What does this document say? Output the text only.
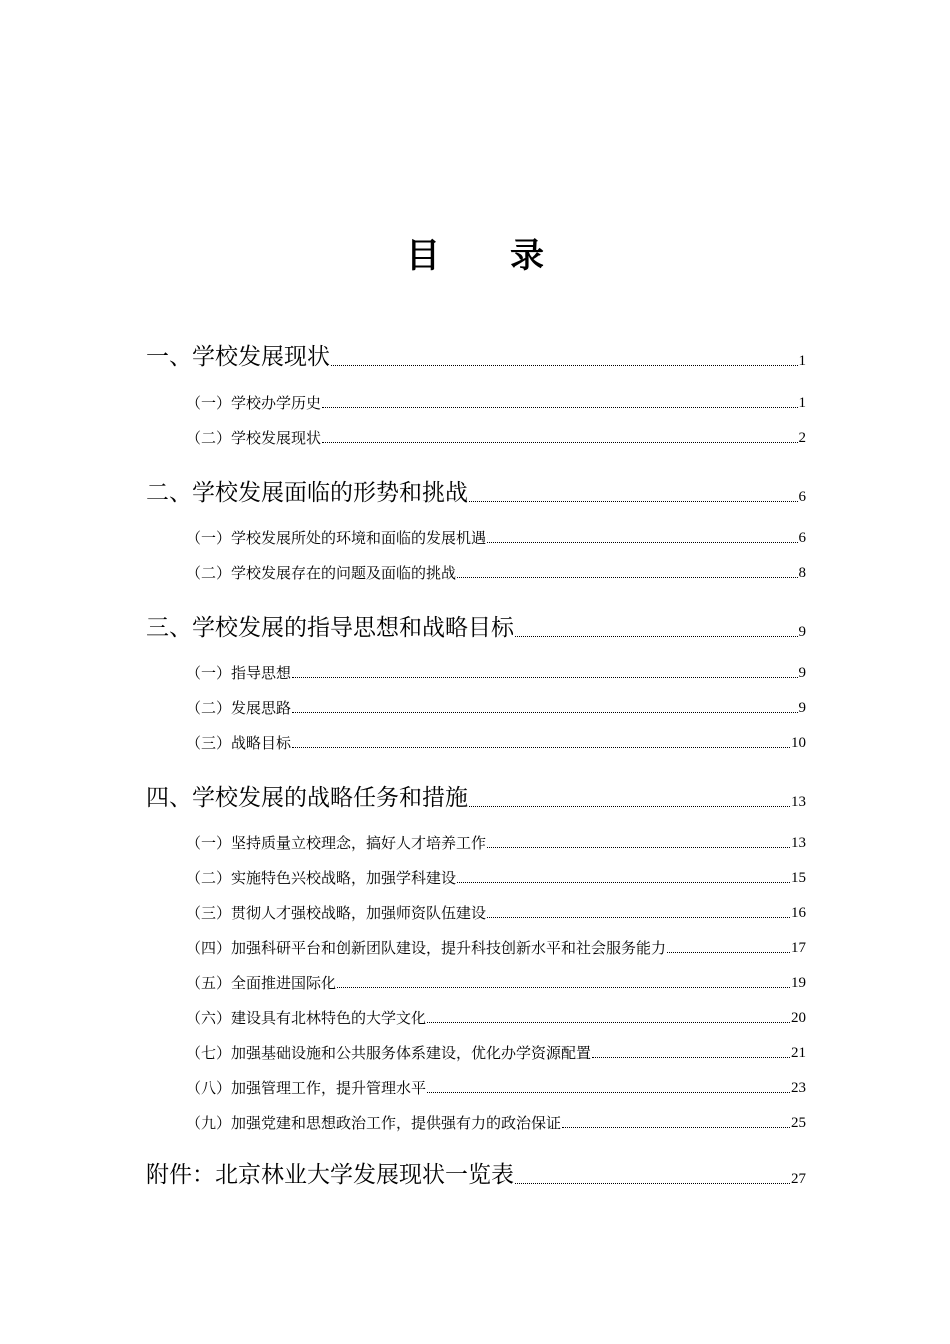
目 录
一、学校发展现状	1
（一）学校办学历史	1
（二）学校发展现状	2
二、学校发展面临的形势和挑战	6
（一）学校发展所处的环境和面临的发展机遇	6
（二）学校发展存在的问题及面临的挑战	8
三、学校发展的指导思想和战略目标	9
（一）指导思想	9
（二）发展思路	9
（三）战略目标	10
四、学校发展的战略任务和措施	13
（一）坚持质量立校理念，搞好人才培养工作	13
（二）实施特色兴校战略，加强学科建设	15
（三）贯彻人才强校战略，加强师资队伍建设	16
（四）加强科研平台和创新团队建设，提升科技创新水平和社会服务能力	17
（五）全面推进国际化	19
（六）建设具有北林特色的大学文化	20
（七）加强基础设施和公共服务体系建设，优化办学资源配置	21
（八）加强管理工作，提升管理水平	23
（九）加强党建和思想政治工作，提供强有力的政治保证	25
附件：北京林业大学发展现状一览表	27
